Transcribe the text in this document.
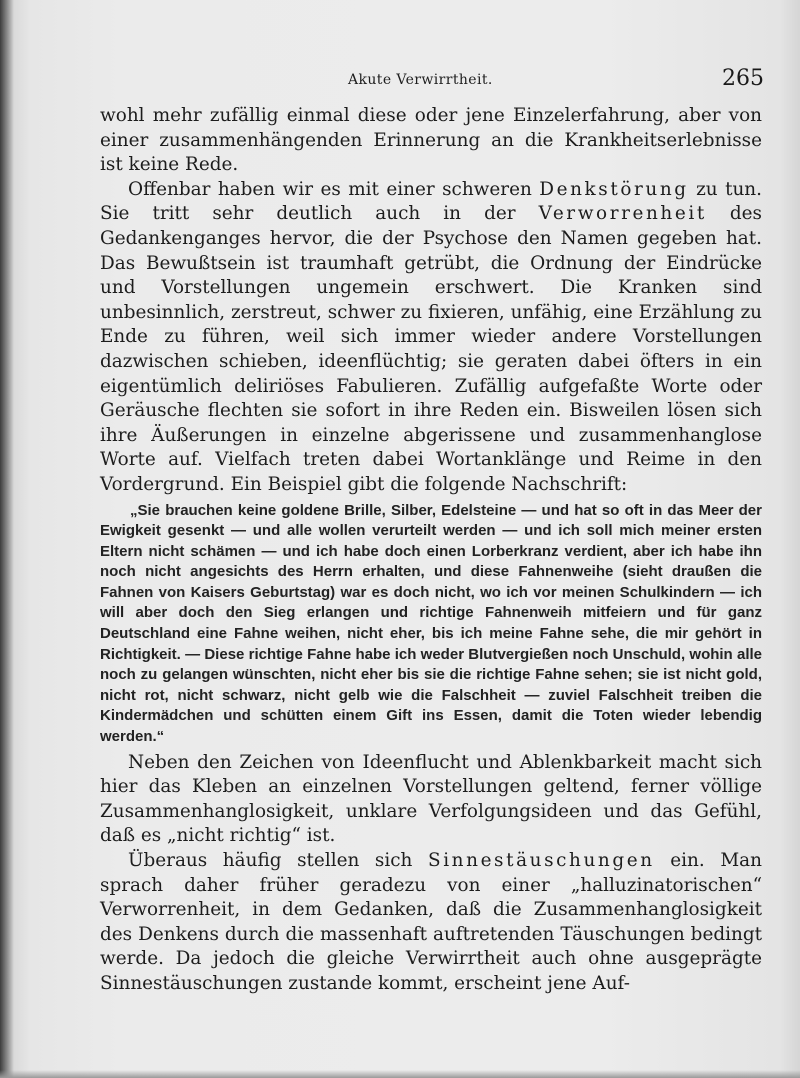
Akute Verwirrtheit.	265

wohl mehr zufällig einmal diese oder jene Einzelerfahrung, aber von einer zusammenhängenden Erinnerung an die Krankheitserlebnisse ist keine Rede.

Offenbar haben wir es mit einer schweren Denkstörung zu tun. Sie tritt sehr deutlich auch in der Verworrenheit des Gedankenganges hervor, die der Psychose den Namen gegeben hat. Das Bewußtsein ist traumhaft getrübt, die Ordnung der Eindrücke und Vorstellungen ungemein erschwert. Die Kranken sind unbesinnlich, zerstreut, schwer zu fixieren, unfähig, eine Erzählung zu Ende zu führen, weil sich immer wieder andere Vorstellungen dazwischen schieben, ideenflüchtig; sie geraten dabei öfters in ein eigentümlich deliriöses Fabulieren. Zufällig aufgefaßte Worte oder Geräusche flechten sie sofort in ihre Reden ein. Bisweilen lösen sich ihre Äußerungen in einzelne abgerissene und zusammenhanglose Worte auf. Vielfach treten dabei Wortanklänge und Reime in den Vordergrund. Ein Beispiel gibt die folgende Nachschrift:

„Sie brauchen keine goldene Brille, Silber, Edelsteine — und hat so oft in das Meer der Ewigkeit gesenkt — und alle wollen verurteilt werden — und ich soll mich meiner ersten Eltern nicht schämen — und ich habe doch einen Lorberkranz verdient, aber ich habe ihn noch nicht angesichts des Herrn erhalten, und diese Fahnenweihe (sieht draußen die Fahnen von Kaisers Geburtstag) war es doch nicht, wo ich vor meinen Schulkindern — ich will aber doch den Sieg erlangen und richtige Fahnenweih mitfeiern und für ganz Deutschland eine Fahne weihen, nicht eher, bis ich meine Fahne sehe, die mir gehört in Richtigkeit. — Diese richtige Fahne habe ich weder Blutvergießen noch Unschuld, wohin alle noch zu gelangen wünschten, nicht eher bis sie die richtige Fahne sehen; sie ist nicht gold, nicht rot, nicht schwarz, nicht gelb wie die Falschheit — zuviel Falschheit treiben die Kindermädchen und schütten einem Gift ins Essen, damit die Toten wieder lebendig werden.“

Neben den Zeichen von Ideenflucht und Ablenkbarkeit macht sich hier das Kleben an einzelnen Vorstellungen geltend, ferner völlige Zusammenhanglosigkeit, unklare Verfolgungsideen und das Gefühl, daß es „nicht richtig“ ist.

Überaus häufig stellen sich Sinnestäuschungen ein. Man sprach daher früher geradezu von einer „halluzinatorischen“ Verworrenheit, in dem Gedanken, daß die Zusammenhanglosigkeit des Denkens durch die massenhaft auftretenden Täuschungen bedingt werde. Da jedoch die gleiche Verwirrtheit auch ohne ausgeprägte Sinnestäuschungen zustande kommt, erscheint jene Auf-
